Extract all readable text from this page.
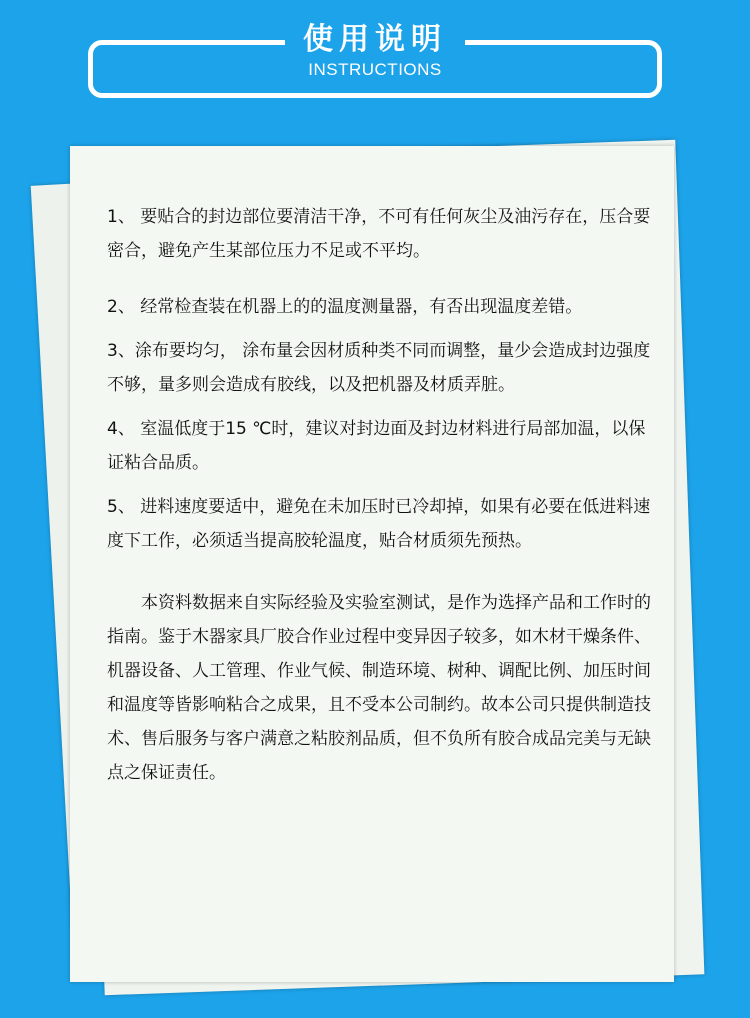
使用说明
INSTRUCTIONS
1、 要贴合的封边部位要清洁干净，不可有任何灰尘及油污存在，压合要密合，避免产生某部位压力不足或不平均。
2、 经常检查装在机器上的的温度测量器，有否出现温度差错。
3、涂布要均匀， 涂布量会因材质种类不同而调整，量少会造成封边强度不够，量多则会造成有胶线，以及把机器及材质弄脏。
4、 室温低度于15 ℃时，建议对封边面及封边材料进行局部加温，以保证粘合品质。
5、 进料速度要适中，避免在未加压时已冷却掉，如果有必要在低进料速度下工作，必须适当提高胶轮温度，贴合材质须先预热。
本资料数据来自实际经验及实验室测试，是作为选择产品和工作时的指南。鉴于木器家具厂胶合作业过程中变异因子较多，如木材干燥条件、机器设备、人工管理、作业气候、制造环境、树种、调配比例、加压时间和温度等皆影响粘合之成果，且不受本公司制约。故本公司只提供制造技术、售后服务与客户满意之粘胶剂品质，但不负所有胶合成品完美与无缺点之保证责任。
